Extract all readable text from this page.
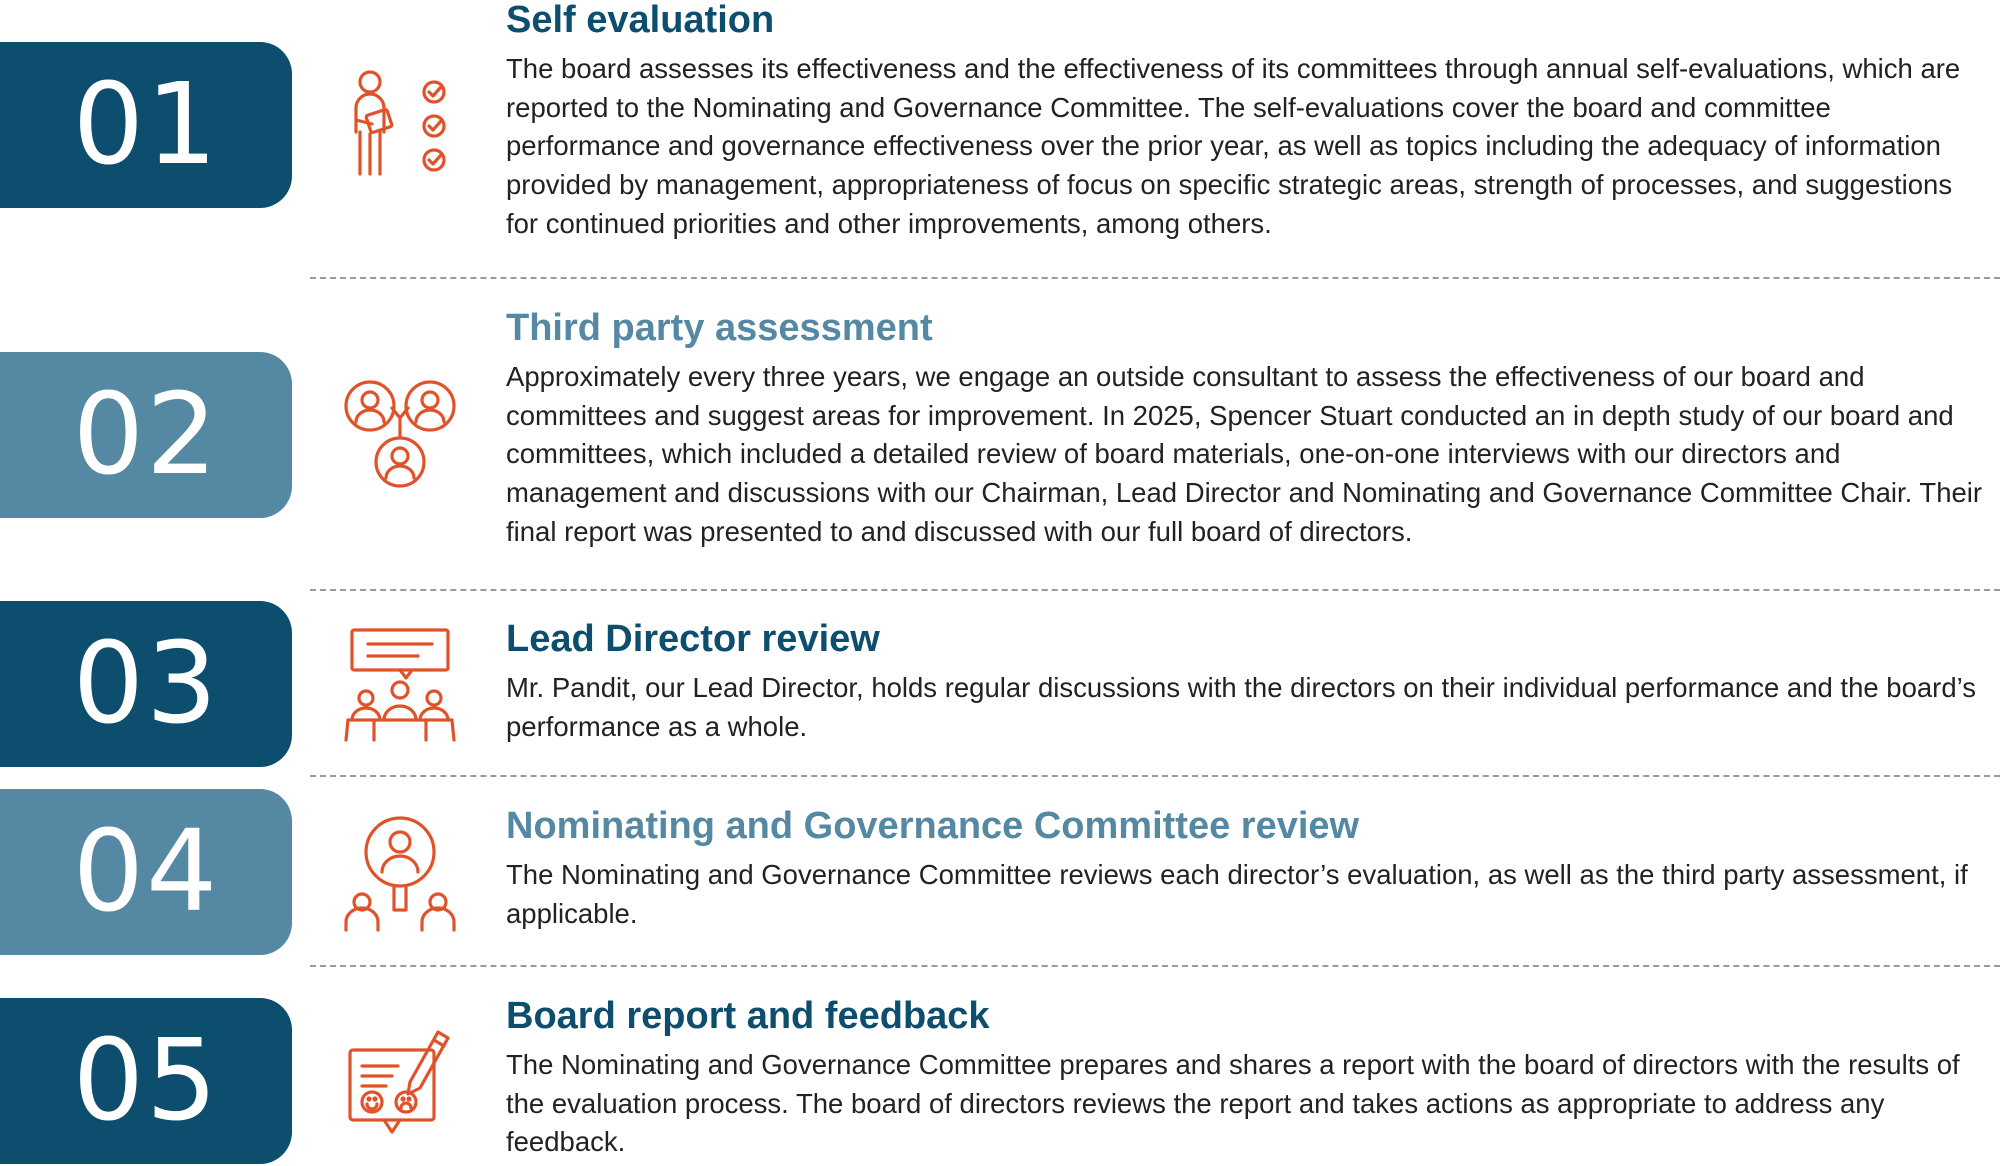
01
Self evaluation

The board assesses its effectiveness and the effectiveness of its committees through annual self-evaluations, which are reported to the Nominating and Governance Committee. The self-evaluations cover the board and committee performance and governance effectiveness over the prior year, as well as topics including the adequacy of information provided by management, appropriateness of focus on specific strategic areas, strength of processes, and suggestions for continued priorities and other improvements, among others.

02
Third party assessment

Approximately every three years, we engage an outside consultant to assess the effectiveness of our board and committees and suggest areas for improvement. In 2025, Spencer Stuart conducted an in depth study of our board and committees, which included a detailed review of board materials, one-on-one interviews with our directors and management and discussions with our Chairman, Lead Director and Nominating and Governance Committee Chair. Their final report was presented to and discussed with our full board of directors.

03	Lead Director review

Mr. Pandit, our Lead Director, holds regular discussions with the directors on their individual performance and the board’s performance as a whole.

04	Nominating and Governance Committee review

The Nominating and Governance Committee reviews each director’s evaluation, as well as the third party assessment, if applicable.

05	Board report and feedback

The Nominating and Governance Committee prepares and shares a report with the board of directors with the results of the evaluation process. The board of directors reviews the report and takes actions as appropriate to address any feedback.
